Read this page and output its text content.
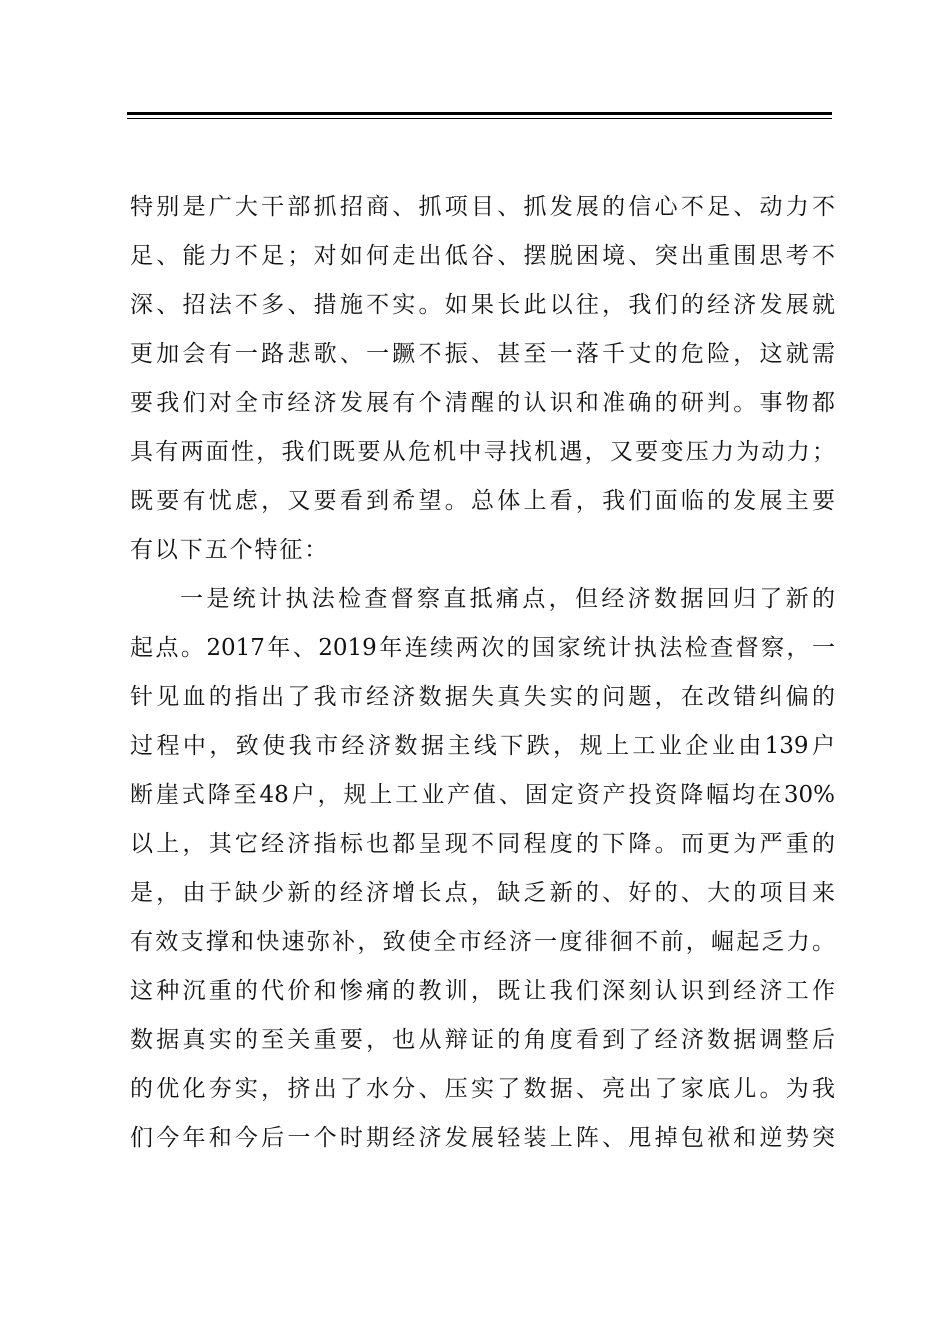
特别是广大干部抓招商、抓项目、抓发展的信心不足、动力不
足、能力不足；对如何走出低谷、摆脱困境、突出重围思考不
深、招法不多、措施不实。如果长此以往，我们的经济发展就
更加会有一路悲歌、一蹶不振、甚至一落千丈的危险，这就需
要我们对全市经济发展有个清醒的认识和准确的研判。事物都
具有两面性，我们既要从危机中寻找机遇，又要变压力为动力；
既要有忧虑，又要看到希望。总体上看，我们面临的发展主要
有以下五个特征：
一是统计执法检查督察直抵痛点，但经济数据回归了新的
起点。2017年、2019年连续两次的国家统计执法检查督察，一
针见血的指出了我市经济数据失真失实的问题，在改错纠偏的
过程中，致使我市经济数据主线下跌，规上工业企业由139户
断崖式降至48户，规上工业产值、固定资产投资降幅均在30%
以上，其它经济指标也都呈现不同程度的下降。而更为严重的
是，由于缺少新的经济增长点，缺乏新的、好的、大的项目来
有效支撑和快速弥补，致使全市经济一度徘徊不前，崛起乏力。
这种沉重的代价和惨痛的教训，既让我们深刻认识到经济工作
数据真实的至关重要，也从辩证的角度看到了经济数据调整后
的优化夯实，挤出了水分、压实了数据、亮出了家底儿。为我
们今年和今后一个时期经济发展轻装上阵、甩掉包袱和逆势突
